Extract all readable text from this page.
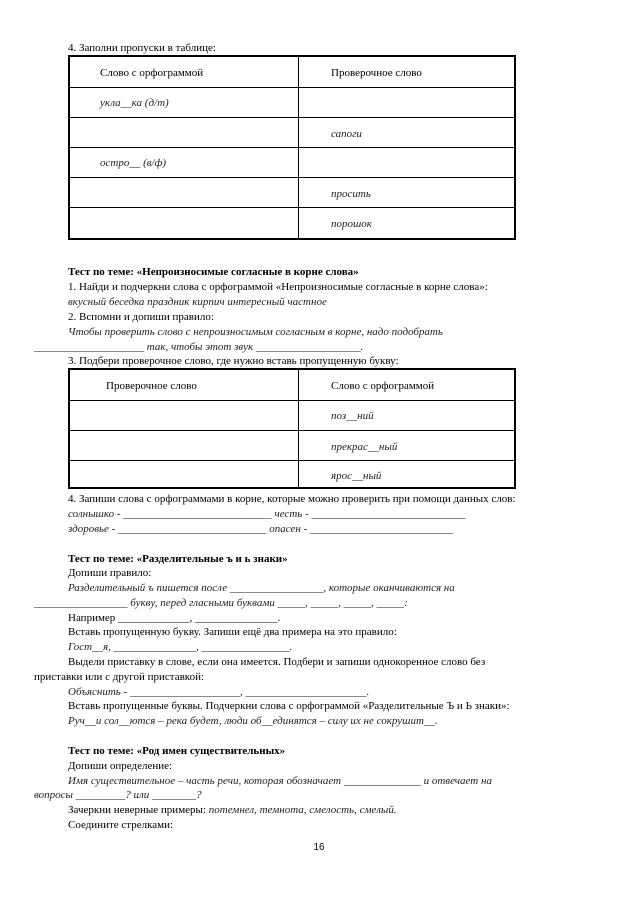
4. Заполни пропуски в таблице:
Слово с орфограммой	Проверочное слово
укла__ка (д/т)
сапоги
остро__ (в/ф)
просить
порошок
Тест по теме: «Непроизносимые согласные в корне слова»
1. Найди и подчеркни слова с орфограммой «Непроизносимые согласные в корне слова»:
вкусный беседка праздник кирпич интересный частное
2. Вспомни и допиши правило:
Чтобы проверить слово с непроизносимым согласным в корне, надо подобрать
____________________ так, чтобы этот звук ___________________.
3. Подбери проверочное слово, где нужно вставь пропущенную букву:
Проверочное слово	Слово с орфограммой
поз__ний
прекрас__ный
ярос__ный
4. Запиши слова с орфограммами в корне, которые можно проверить при помощи данных слов:
солнышко - ___________________________ честь - ____________________________
здоровье - ___________________________ опасен - __________________________
Тест по теме: «Разделительные ъ и ь знаки»
Допиши правило:
Разделительный ъ пишется после _________________, которые оканчиваются на
_________________ букву, перед гласными буквами _____, _____, _____, _____:
Например _____________, _______________.
Вставь пропущенную букву. Запиши ещё два примера на это правило:
Гост__я, _______________, ________________.
Выдели приставку в слове, если она имеется. Подбери и запиши однокоренное слово без
приставки или с другой приставкой:
Объяснить - ____________________, ______________________.
Вставь пропущенные буквы. Подчеркни слова с орфограммой «Разделительные Ъ и Ь знаки»:
Руч__и сол__ются – река будет, люди об__единятся – силу их не сокрушит__.
Тест по теме: «Род имен существительных»
Допиши определение:
Имя существительное – часть речи, которая обозначает ______________ и отвечает на
вопросы _________? или ________?
Зачеркни неверные примеры: потемнел, темнота, смелость, смелый.
Соедините стрелками:
16
